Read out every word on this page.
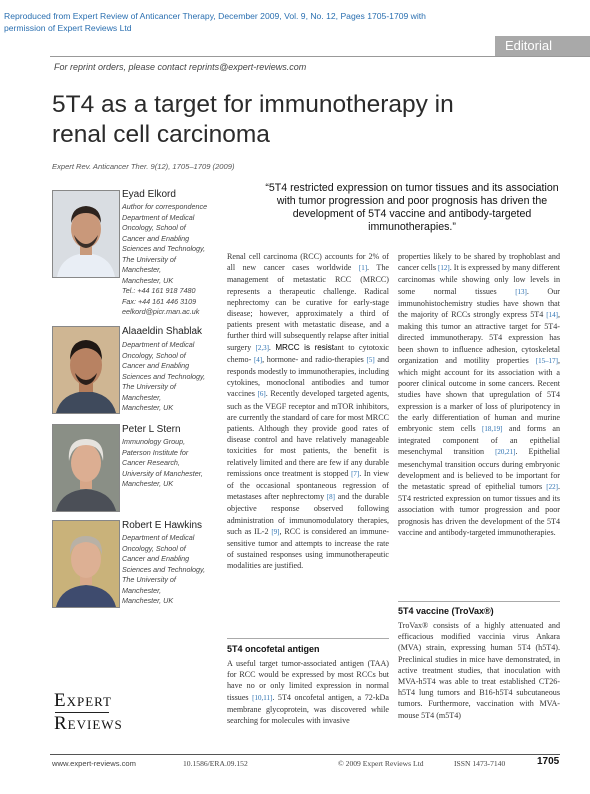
Reproduced from Expert Review of Anticancer Therapy, December 2009, Vol. 9, No. 12, Pages 1705-1709 with
permission of Expert Reviews Ltd
Editorial
For reprint orders, please contact reprints@expert-reviews.com
5T4 as a target for immunotherapy in
renal cell carcinoma
Expert Rev. Anticancer Ther. 9(12), 1705–1709 (2009)
Eyad Elkord
Author for correspondence
Department of Medical
Oncology, School of
Cancer and Enabling
Sciences and Technology,
The University of
Manchester,
Manchester, UK
Tel.: +44 161 918 7480
Fax: +44 161 446 3109
eelkord@picr.man.ac.uk
Alaaeldin Shablak
Department of Medical
Oncology, School of
Cancer and Enabling
Sciences and Technology,
The University of
Manchester,
Manchester, UK
Peter L Stern
Immunology Group,
Paterson Institute for
Cancer Research,
University of Manchester,
Manchester, UK
Robert E Hawkins
Department of Medical
Oncology, School of
Cancer and Enabling
Sciences and Technology,
The University of
Manchester,
Manchester, UK
“5T4 restricted expression on tumor tissues and its association with tumor progression and poor prognosis has driven the development of 5T4 vaccine and antibody-targeted immunotherapies.”

Renal cell carcinoma (RCC) accounts for 2% of all new cancer cases worldwide [1]. The management of metastatic RCC (MRCC) represents a therapeutic challenge. Radical nephrectomy can be curative for early-stage disease; however, approximately a third of patients present with metastatic disease, and a further third will subsequently relapse after initial surgery [2,3]. MRCC is resistant to cytotoxic chemo- [4], hormone- and radio-therapies [5] and responds modestly to immunotherapies, including cytokines, monoclonal antibodies and tumor vaccines [6]. Recently developed targeted agents, such as the VEGF receptor and mTOR inhibitors, are currently the standard of care for most MRCC patients. Although they provide good rates of disease control and have relatively manageable toxicities for most patients, the benefit is relatively limited and there are few if any durable remissions once treatment is stopped [7]. In view of the occasional spontaneous regression of metastases after nephrectomy [8] and the durable objective response observed following administration of immunomodulatory therapies, such as IL-2 [9], RCC is considered an immune-sensitive tumor and attempts to increase the rate of sustained responses using immunotherapeutic modalities are justified.

5T4 oncofetal antigen

A useful target tumor-associated antigen (TAA) for RCC would be expressed by most RCCs but have no or only limited expression in normal tissues [10,11]. 5T4 oncofetal antigen, a 72-kDa membrane glycoprotein, was discovered while searching for molecules with invasive

properties likely to be shared by trophoblast and cancer cells [12]. It is expressed by many different carcinomas while showing only low levels in some normal tissues [13]. Our immunohistochemistry studies have shown that the majority of RCCs strongly express 5T4 [14], making this tumor an attractive target for 5T4-directed immunotherapy. 5T4 expression has been shown to influence adhesion, cytoskeletal organization and motility properties [15–17], which might account for its association with a poorer clinical outcome in some cancers. Recent studies have shown that upregulation of 5T4 expression is a marker of loss of pluripotency in the early differentiation of human and murine embryonic stem cells [18,19] and forms an integrated component of an epithelial mesenchymal transition [20,21]. Epithelial mesenchymal transition occurs during embryonic development and is believed to be important for the metastatic spread of epithelial tumors [22]. 5T4 restricted expression on tumor tissues and its association with tumor progression and poor prognosis has driven the development of the 5T4 vaccine and antibody-targeted immunotherapies.

5T4 vaccine (TroVax®)

TroVax® consists of a highly attenuated and efficacious modified vaccinia virus Ankara (MVA) strain, expressing human 5T4 (h5T4). Preclinical studies in mice have demonstrated, in active treatment studies, that inoculation with MVA-h5T4 was able to treat established CT26-h5T4 lung tumors and B16-h5T4 subcutaneous tumors. Furthermore, vaccination with MVA-mouse 5T4 (m5T4)

Expert
Reviews
www.expert-reviews.com	10.1586/ERA.09.152	© 2009 Expert Reviews Ltd	ISSN 1473-7140	1705
